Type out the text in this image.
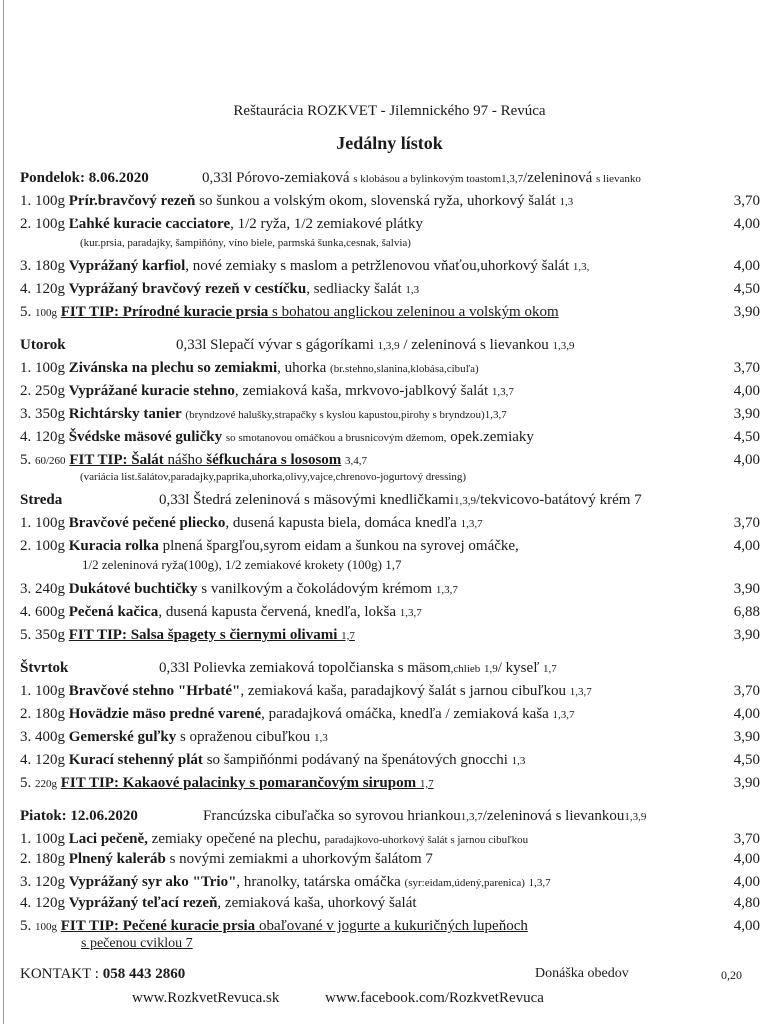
Reštaurácia ROZKVET - Jilemnického 97 - Revúca
Jedálny lístok
Pondelok: 8.06.2020	0,33l Pórovo-zemiaková s klobásou a bylinkovým toastom1,3,7/zeleninová s lievanko
1. 100g Prír.bravčový rezeň so šunkou a volským okom, slovenská ryža, uhorkový šalát 1,3	3,70
2. 100g Ľahké kuracie cacciatore, 1/2 ryža, 1/2 zemiakové plátky	4,00
(kur.prsia, paradajky, šampiňóny, víno biele, parmská šunka,cesnak, šalvia)
3. 180g Vyprážaný karfiol, nové zemiaky s maslom a petržlenovou vňaťou,uhorkový šalát 1,3,	4,00
4. 120g Vyprážaný bravčový rezeň v cestíčku, sedliacky šalát 1,3	4,50
5. 100g FIT TIP: Prírodné kuracie prsia s bohatou anglickou zeleninou a volským okom	3,90
Utorok	0,33l Slepačí vývar s gágoríkami 1,3,9 / zeleninová s lievankou 1,3,9
1. 100g Zivánska na plechu so zemiakmi, uhorka (br.stehno,slanina,klobása,cibuľa)	3,70
2. 250g Vyprážané kuracie stehno, zemiaková kaša, mrkvovo-jablkový šalát 1,3,7	4,00
3. 350g Richtársky tanier (bryndzové halušky,strapačky s kyslou kapustou,pirohy s bryndzou)1,3,7	3,90
4. 120g Švédske mäsové guličky so smotanovou omáčkou a brusnicovým džemom, opek.zemiaky	4,50
5. 60/260 FIT TIP: Šalát nášho šéfkuchára s lososom 3,4,7	4,00
(variácia list.šalátov,paradajky,paprika,uhorka,olivy,vajce,chrenovo-jogurtový dressing)
Streda	0,33l Štedrá zeleninová s mäsovými knedličkami1,3,9/tekvicovo-batátový krém 7
1. 100g Bravčové pečené pliecko, dusená kapusta biela, domáca knedľa 1,3,7	3,70
2. 100g Kuracia rolka plnená špargľou,syrom eidam a šunkou na syrovej omáčke,	4,00
1/2 zeleninová ryža(100g), 1/2 zemiakové krokety (100g) 1,7
3. 240g Dukátové buchtičky s vanilkovým a čokoládovým krémom 1,3,7	3,90
4. 600g Pečená kačica, dusená kapusta červená, knedľa, lokša 1,3,7	6,88
5. 350g FIT TIP: Salsa špagety s čiernymi olivami 1,7	3,90
Štvrtok	0,33l Polievka zemiaková topolčianska s mäsom,chlieb 1,9/ kyseľ 1,7
1. 100g Bravčové stehno "Hrbaté", zemiaková kaša, paradajkový šalát s jarnou cibuľkou 1,3,7	3,70
2. 180g Hovädzie mäso predné varené, paradajková omáčka, knedľa / zemiaková kaša 1,3,7	4,00
3. 400g Gemerské guľky s opraženou cibuľkou 1,3	3,90
4. 120g Kurací stehenný plát so šampiňónmi podávaný na špenátových gnocchi 1,3	4,50
5. 220g FIT TIP: Kakaové palacinky s pomarančovým sirupom 1,7	3,90
Piatok: 12.06.2020	Francúzska cibuľačka so syrovou hriankou1,3,7/zeleninová s lievankou1,3,9
1. 100g Laci pečeně, zemiaky opečené na plechu, paradajkovo-uhorkový šalát s jarnou cibuľkou	3,70
2. 180g Plnený kaleráb s novými zemiakmi a uhorkovým šalátom 7	4,00
3. 120g Vyprážaný syr ako "Trio", hranolky, tatárska omáčka (syr:eidam,údený,parenica) 1,3,7	4,00
4. 120g Vyprážaný teľací rezeň, zemiaková kaša, uhorkový šalát	4,80
5. 100g FIT TIP: Pečené kuracie prsia obaľované v jogurte a kukuričných lupeňoch	4,00
s pečenou cviklou 7
KONTAKT : 058 443 2860	Donáška obedov	0,20
www.RozkvetRevuca.sk	www.facebook.com/RozkvetRevuca
